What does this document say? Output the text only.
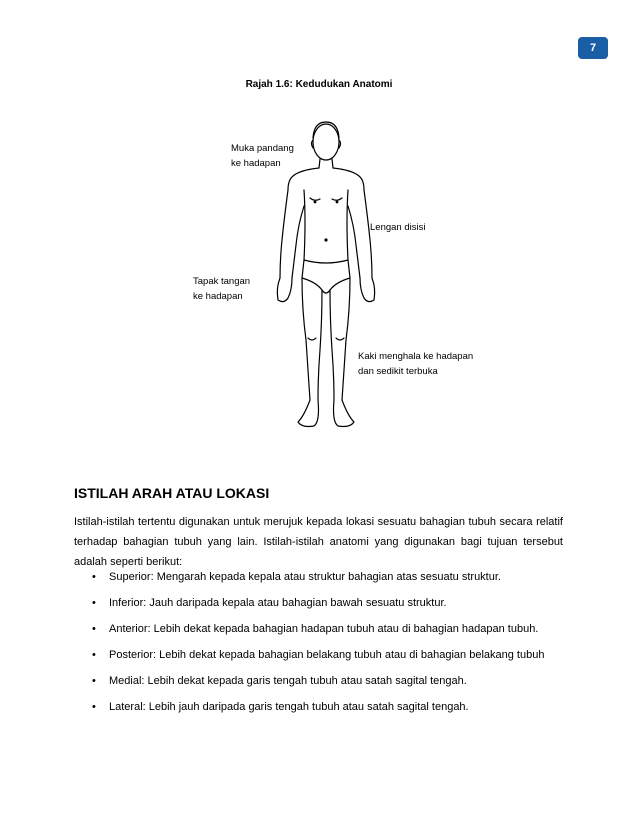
7
Rajah 1.6: Kedudukan Anatomi
Muka pandang
ke hadapan
Lengan disisi
Tapak tangan
ke hadapan
Kaki menghala ke hadapan
dan sedikit terbuka
ISTILAH ARAH ATAU LOKASI

Istilah-istilah tertentu digunakan untuk merujuk kepada lokasi sesuatu bahagian tubuh secara relatif terhadap bahagian tubuh yang lain. Istilah-istilah anatomi yang digunakan bagi tujuan tersebut adalah seperti berikut:

• Superior: Mengarah kepada kepala atau struktur bahagian atas sesuatu struktur.
• Inferior: Jauh daripada kepala atau bahagian bawah sesuatu struktur.
• Anterior: Lebih dekat kepada bahagian hadapan tubuh atau di bahagian hadapan tubuh.
• Posterior: Lebih dekat kepada bahagian belakang tubuh atau di bahagian belakang tubuh
• Medial: Lebih dekat kepada garis tengah tubuh atau satah sagital tengah.
• Lateral: Lebih jauh daripada garis tengah tubuh atau satah sagital tengah.
